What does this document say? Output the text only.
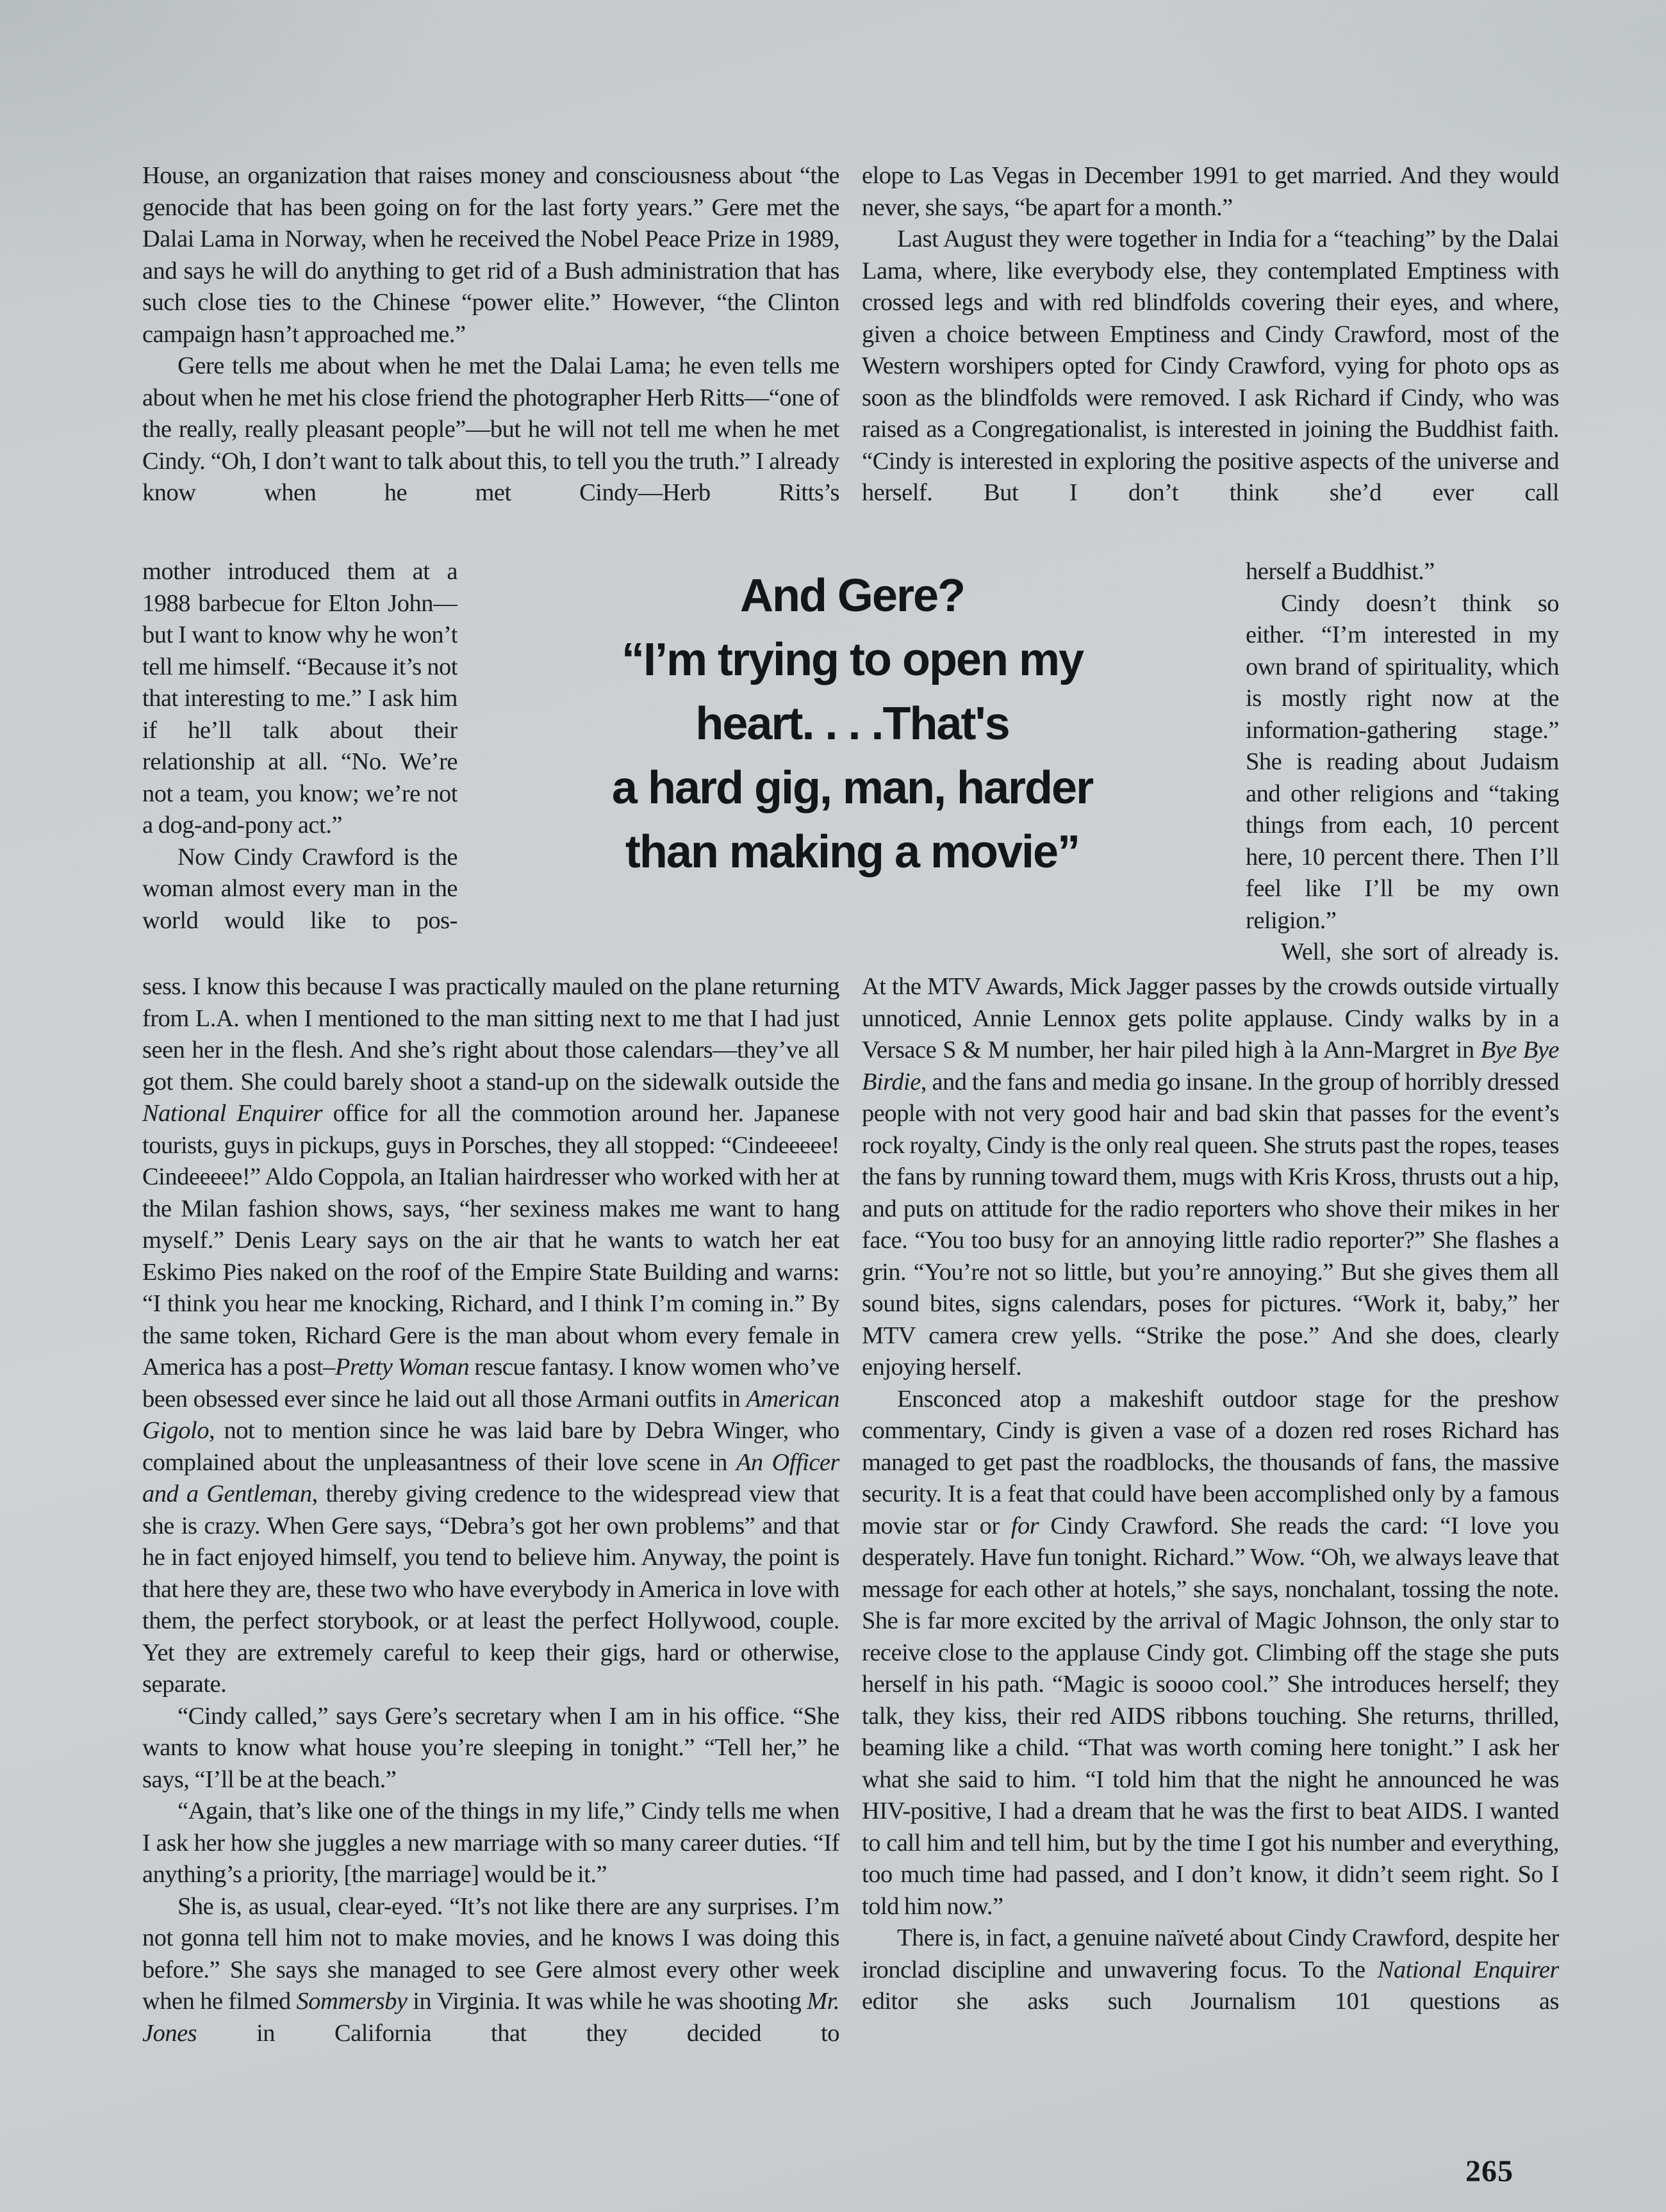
House, an organization that raises money and consciousness about “the genocide that has been going on for the last forty years.” Gere met the Dalai Lama in Norway, when he received the Nobel Peace Prize in 1989, and says he will do anything to get rid of a Bush administration that has such close ties to the Chinese “power elite.” However, “the Clinton campaign hasn’t approached me.”

Gere tells me about when he met the Dalai Lama; he even tells me about when he met his close friend the photographer Herb Ritts—“one of the really, really pleasant people”—but he will not tell me when he met Cindy. “Oh, I don’t want to talk about this, to tell you the truth.” I already know when he met Cindy—Herb Ritts’s

mother introduced them at a 1988 barbecue for Elton John—but I want to know why he won’t tell me himself. “Because it’s not that interesting to me.” I ask him if he’ll talk about their relationship at all. “No. We’re not a team, you know; we’re not a dog-and-pony act.”

Now Cindy Crawford is the woman almost every man in the world would like to pos-

sess. I know this because I was practically mauled on the plane returning from L.A. when I mentioned to the man sitting next to me that I had just seen her in the flesh. And she’s right about those calendars—they’ve all got them. She could barely shoot a stand-up on the sidewalk outside the National Enquirer office for all the commotion around her. Japanese tourists, guys in pickups, guys in Porsches, they all stopped: “Cindeeeee! Cindeeeee!” Aldo Coppola, an Italian hairdresser who worked with her at the Milan fashion shows, says, “her sexiness makes me want to hang myself.” Denis Leary says on the air that he wants to watch her eat Eskimo Pies naked on the roof of the Empire State Building and warns: “I think you hear me knocking, Richard, and I think I’m coming in.” By the same token, Richard Gere is the man about whom every female in America has a post–Pretty Woman rescue fantasy. I know women who’ve been obsessed ever since he laid out all those Armani outfits in American Gigolo, not to mention since he was laid bare by Debra Winger, who complained about the unpleasantness of their love scene in An Officer and a Gentleman, thereby giving credence to the widespread view that she is crazy. When Gere says, “Debra’s got her own problems” and that he in fact enjoyed himself, you tend to believe him. Anyway, the point is that here they are, these two who have everybody in America in love with them, the perfect storybook, or at least the perfect Hollywood, couple. Yet they are extremely careful to keep their gigs, hard or otherwise, separate.

“Cindy called,” says Gere’s secretary when I am in his office. “She wants to know what house you’re sleeping in tonight.” “Tell her,” he says, “I’ll be at the beach.”

“Again, that’s like one of the things in my life,” Cindy tells me when I ask her how she juggles a new marriage with so many career duties. “If anything’s a priority, [the marriage] would be it.”

She is, as usual, clear-eyed. “It’s not like there are any surprises. I’m not gonna tell him not to make movies, and he knows I was doing this before.” She says she managed to see Gere almost every other week when he filmed Sommersby in Virginia. It was while he was shooting Mr. Jones in California that they decided to

elope to Las Vegas in December 1991 to get married. And they would never, she says, “be apart for a month.”

Last August they were together in India for a “teaching” by the Dalai Lama, where, like everybody else, they contemplated Emptiness with crossed legs and with red blindfolds covering their eyes, and where, given a choice between Emptiness and Cindy Crawford, most of the Western worshipers opted for Cindy Crawford, vying for photo ops as soon as the blindfolds were removed. I ask Richard if Cindy, who was raised as a Congregationalist, is interested in joining the Buddhist faith. “Cindy is interested in exploring the positive aspects of the universe and herself. But I don’t think she’d ever call

herself a Buddhist.”

Cindy doesn’t think so either. “I’m interested in my own brand of spirituality, which is mostly right now at the information-gathering stage.” She is reading about Judaism and other religions and “taking things from each, 10 percent here, 10 percent there. Then I’ll feel like I’ll be my own religion.”

Well, she sort of already is.

At the MTV Awards, Mick Jagger passes by the crowds outside virtually unnoticed, Annie Lennox gets polite applause. Cindy walks by in a Versace S & M number, her hair piled high à la Ann-Margret in Bye Bye Birdie, and the fans and media go insane. In the group of horribly dressed people with not very good hair and bad skin that passes for the event’s rock royalty, Cindy is the only real queen. She struts past the ropes, teases the fans by running toward them, mugs with Kris Kross, thrusts out a hip, and puts on attitude for the radio reporters who shove their mikes in her face. “You too busy for an annoying little radio reporter?” She flashes a grin. “You’re not so little, but you’re annoying.” But she gives them all sound bites, signs calendars, poses for pictures. “Work it, baby,” her MTV camera crew yells. “Strike the pose.” And she does, clearly enjoying herself.

Ensconced atop a makeshift outdoor stage for the preshow commentary, Cindy is given a vase of a dozen red roses Richard has managed to get past the roadblocks, the thousands of fans, the massive security. It is a feat that could have been accomplished only by a famous movie star or for Cindy Crawford. She reads the card: “I love you desperately. Have fun tonight. Richard.” Wow. “Oh, we always leave that message for each other at hotels,” she says, nonchalant, tossing the note. She is far more excited by the arrival of Magic Johnson, the only star to receive close to the applause Cindy got. Climbing off the stage she puts herself in his path. “Magic is soooo cool.” She introduces herself; they talk, they kiss, their red AIDS ribbons touching. She returns, thrilled, beaming like a child. “That was worth coming here tonight.” I ask her what she said to him. “I told him that the night he announced he was HIV-positive, I had a dream that he was the first to beat AIDS. I wanted to call him and tell him, but by the time I got his number and everything, too much time had passed, and I don’t know, it didn’t seem right. So I told him now.”

There is, in fact, a genuine naïveté about Cindy Crawford, despite her ironclad discipline and unwavering focus. To the National Enquirer editor she asks such Journalism 101 questions as

And Gere?
“I’m trying to open my
heart. . . .That's
a hard gig, man, harder
than making a movie”
265
